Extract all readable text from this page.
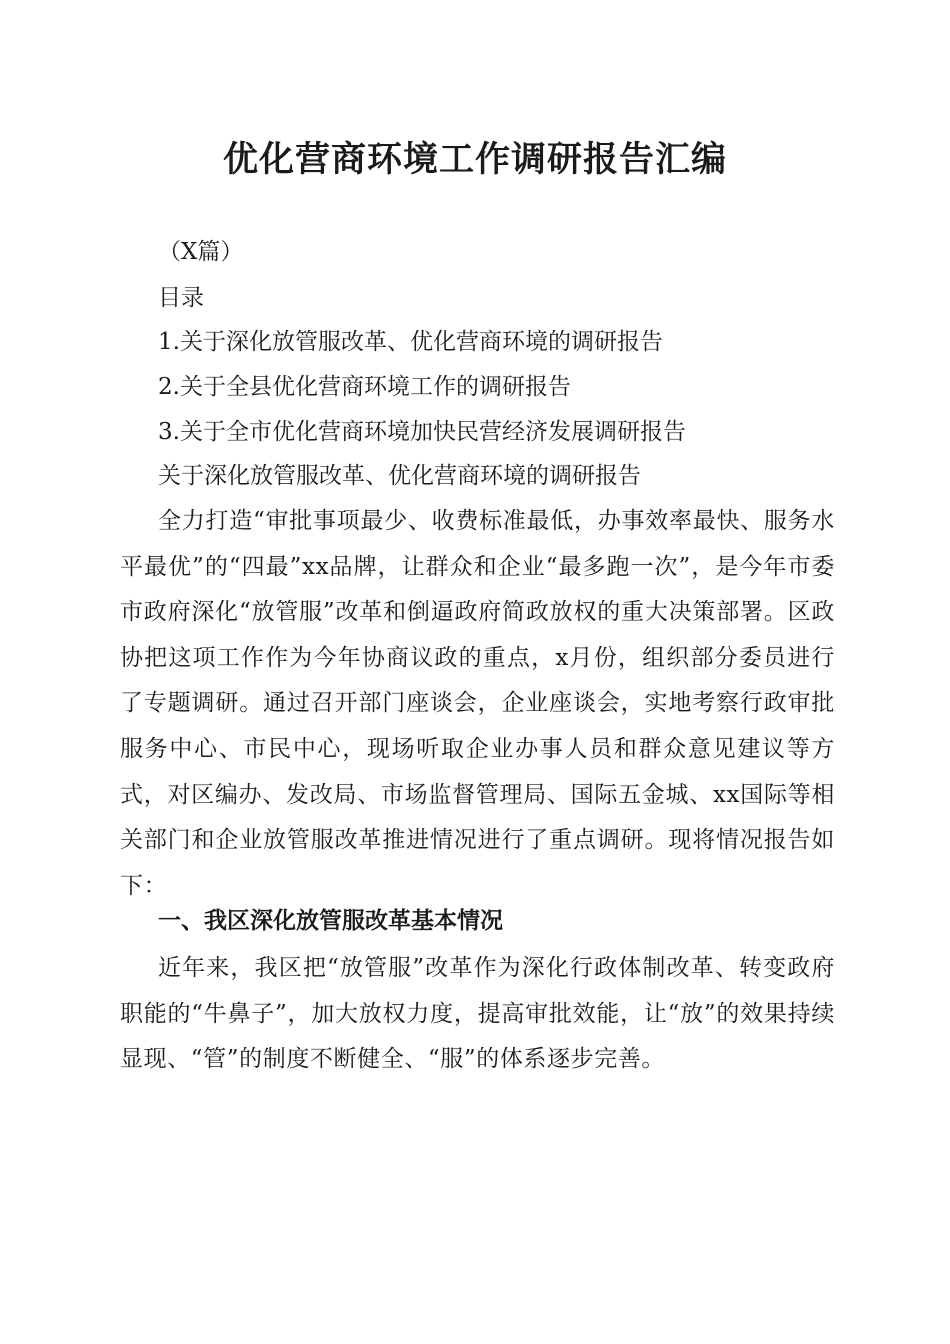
优化营商环境工作调研报告汇编

（X篇）

目录

1.关于深化放管服改革、优化营商环境的调研报告

2.关于全县优化营商环境工作的调研报告

3.关于全市优化营商环境加快民营经济发展调研报告

关于深化放管服改革、优化营商环境的调研报告

全力打造“审批事项最少、收费标准最低，办事效率最快、服务水平最优”的“四最”xx品牌，让群众和企业“最多跑一次”，是今年市委市政府深化“放管服”改革和倒逼政府简政放权的重大决策部署。区政协把这项工作作为今年协商议政的重点，x月份，组织部分委员进行了专题调研。通过召开部门座谈会，企业座谈会，实地考察行政审批服务中心、市民中心，现场听取企业办事人员和群众意见建议等方式，对区编办、发改局、市场监督管理局、国际五金城、xx国际等相关部门和企业放管服改革推进情况进行了重点调研。现将情况报告如下：

一、我区深化放管服改革基本情况

近年来，我区把“放管服”改革作为深化行政体制改革、转变政府职能的“牛鼻子”，加大放权力度，提高审批效能，让“放”的效果持续显现、“管”的制度不断健全、“服”的体系逐步完善。
